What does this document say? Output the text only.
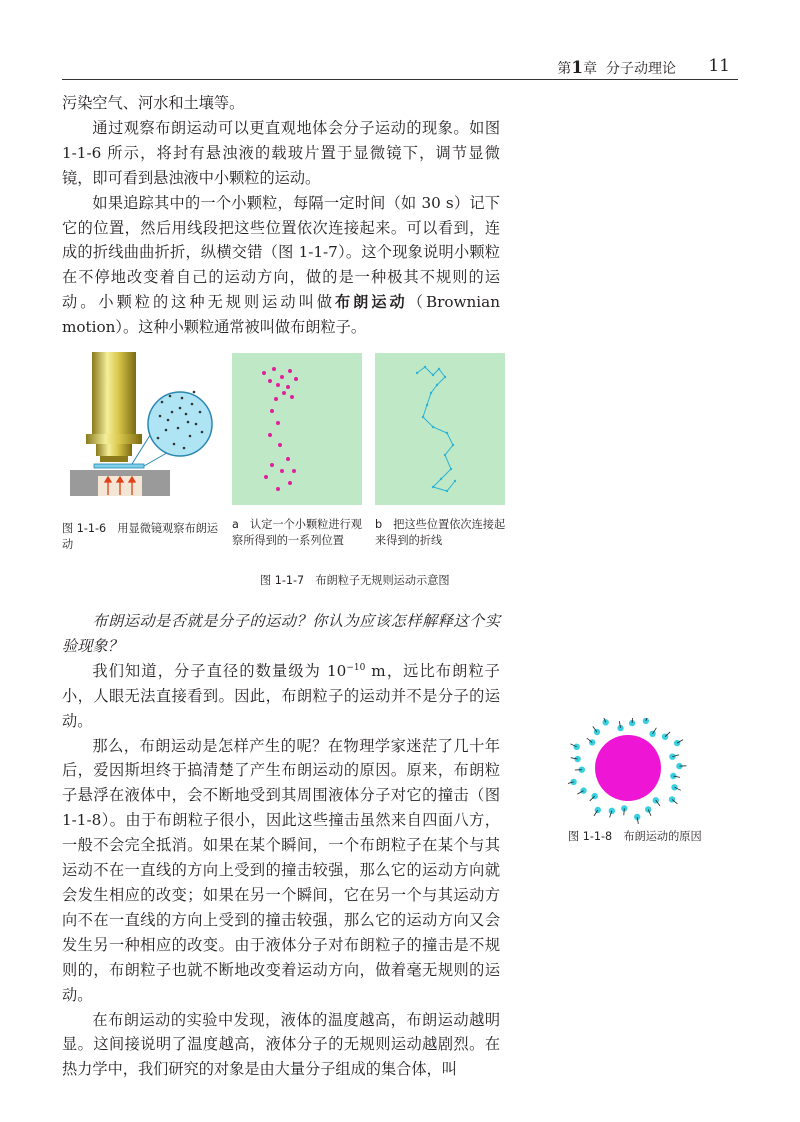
第1章 分子动理论 11

污染空气、河水和土壤等。

通过观察布朗运动可以更直观地体会分子运动的现象。如图 1-1-6 所示，将封有悬浊液的载玻片置于显微镜下，调节显微镜，即可看到悬浊液中小颗粒的运动。

如果追踪其中的一个小颗粒，每隔一定时间（如 30 s）记下它的位置，然后用线段把这些位置依次连接起来。可以看到，连成的折线曲曲折折，纵横交错（图 1-1-7）。这个现象说明小颗粒在不停地改变着自己的运动方向，做的是一种极其不规则的运动。小颗粒的这种无规则运动叫做布朗运动（Brownian motion）。这种小颗粒通常被叫做布朗粒子。

图 1-1-6　用显微镜观察布朗运动
a　认定一个小颗粒进行观察所得到的一系列位置
b　把这些位置依次连接起来得到的折线
图 1-1-7　布朗粒子无规则运动示意图

布朗运动是否就是分子的运动？你认为应该怎样解释这个实验现象？

我们知道，分子直径的数量级为 $10^{-10}$ m，远比布朗粒子小，人眼无法直接看到。因此，布朗粒子的运动并不是分子的运动。

那么，布朗运动是怎样产生的呢？在物理学家迷茫了几十年后，爱因斯坦终于搞清楚了产生布朗运动的原因。原来，布朗粒子悬浮在液体中，会不断地受到其周围液体分子对它的撞击（图 1-1-8）。由于布朗粒子很小，因此这些撞击虽然来自四面八方，一般不会完全抵消。如果在某个瞬间，一个布朗粒子在某个与其运动不在一直线的方向上受到的撞击较强，那么它的运动方向就会发生相应的改变；如果在另一个瞬间，它在另一个与其运动方向不在一直线的方向上受到的撞击较强，那么它的运动方向又会发生另一种相应的改变。由于液体分子对布朗粒子的撞击是不规则的，布朗粒子也就不断地改变着运动方向，做着毫无规则的运动。

在布朗运动的实验中发现，液体的温度越高，布朗运动越明显。这间接说明了温度越高，液体分子的无规则运动越剧烈。在热力学中，我们研究的对象是由大量分子组成的集合体，叫

图 1-1-8　布朗运动的原因
